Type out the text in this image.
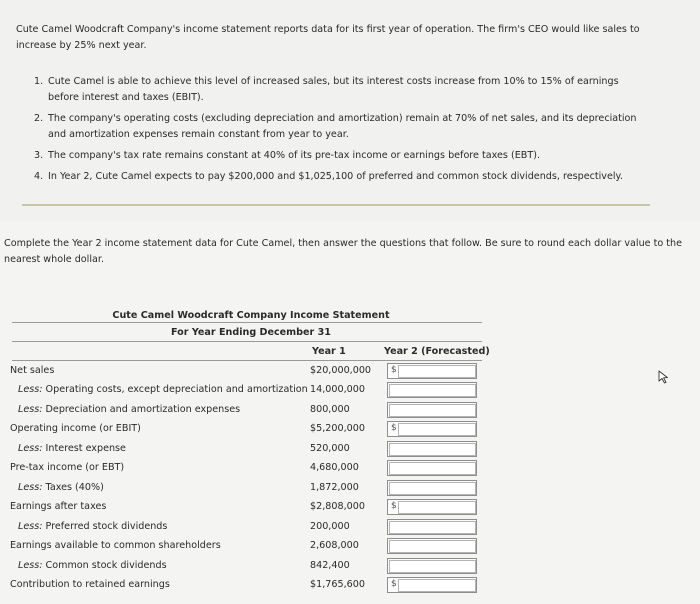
Cute Camel Woodcraft Company's income statement reports data for its first year of operation. The firm's CEO would like sales to increase by 25% next year.
1. Cute Camel is able to achieve this level of increased sales, but its interest costs increase from 10% to 15% of earnings before interest and taxes (EBIT).
2. The company's operating costs (excluding depreciation and amortization) remain at 70% of net sales, and its depreciation and amortization expenses remain constant from year to year.
3. The company's tax rate remains constant at 40% of its pre-tax income or earnings before taxes (EBT).
4. In Year 2, Cute Camel expects to pay $200,000 and $1,025,100 of preferred and common stock dividends, respectively.
Complete the Year 2 income statement data for Cute Camel, then answer the questions that follow. Be sure to round each dollar value to the nearest whole dollar.
Cute Camel Woodcraft Company Income Statement
For Year Ending December 31
Year 1	Year 2 (Forecasted)
Net sales	$20,000,000 $
Less: Operating costs, except depreciation and amortization 14,000,000
Less: Depreciation and amortization expenses	800,000
Operating income (or EBIT)	$5,200,000	$
Less: Interest expense	520,000
Pre-tax income (or EBT)	4,680,000
Less: Taxes (40%)	1,872,000
Earnings after taxes	$2,808,000	$
Less: Preferred stock dividends	200,000
Earnings available to common shareholders	2,608,000
Less: Common stock dividends	842,400
Contribution to retained earnings	$1,765,600	$
